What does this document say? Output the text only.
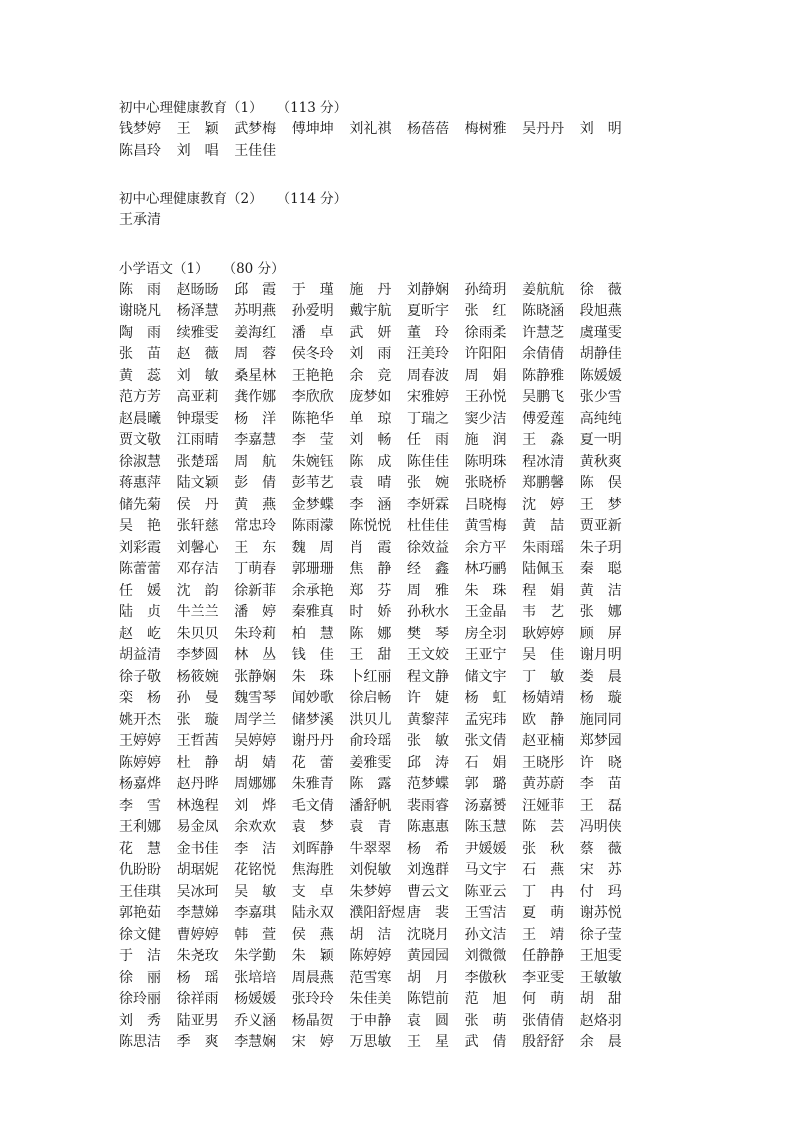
初中心理健康教育（1） （113 分）
钱梦婷	王　颖	武梦梅	傅坤坤	刘礼祺	杨蓓蓓	梅树雅	吴丹丹	刘　明
陈昌玲	刘　唱	王佳佳
初中心理健康教育（2） （114 分）
王承清
小学语文（1） （80 分）
陈　雨	赵旸旸	邱　霞	于　瑾	施　丹	刘静娴	孙绮玥	姜航航	徐　薇
谢晓凡	杨泽慧	苏明燕	孙爱明	戴宇航	夏昕宇	张　红	陈晓涵	段旭燕
陶　雨	续雅雯	姜海红	潘　卓	武　妍	董　玲	徐雨柔	许慧芝	虞瑾雯
张　苗	赵　薇	周　蓉	侯冬玲	刘　雨	汪美玲	许阳阳	余倩倩	胡静佳
黄　蕊	刘　敏	桑星林	王艳艳	余　竞	周春波	周　娟	陈静雅	陈媛媛
范方芳	高亚莉	龚作娜	李欣欣	庞梦如	宋雅婷	王孙悦	吴鹏飞	张少雪
赵晨曦	钟璟雯	杨　洋	陈艳华	单　琼	丁瑞之	窦少洁	傅爱莲	高纯纯
贾文敬	江雨晴	李嘉慧	李　莹	刘　畅	任　雨	施　润	王　淼	夏一明
徐淑慧	张楚瑶	周　航	朱婉钰	陈　成	陈佳佳	陈明珠	程冰清	黄秋爽
蒋惠萍	陆文颖	彭　倩	彭苇艺	袁　晴	张　婉	张晓桥	郑鹏馨	陈　俣
储先菊	侯　丹	黄　燕	金梦蝶	李　涵	李妍霖	吕晓梅	沈　婷	王　梦
吴　艳	张轩慈	常忠玲	陈雨濛	陈悦悦	杜佳佳	黄雪梅	黄　喆	贾亚新
刘彩霞	刘馨心	王　东	魏　周	肖　霞	徐效益	余方平	朱雨瑶	朱子玥
陈蕾蕾	邓存洁	丁萌春	郭珊珊	焦　静	经　鑫	林巧鹂	陆佩玉	秦　聪
任　媛	沈　韵	徐新菲	余承艳	郑　芬	周　雅	朱　珠	程　娟	黄　洁
陆　贞	牛兰兰	潘　婷	秦雅真	时　娇	孙秋水	王金晶	韦　艺	张　娜
赵　屹	朱贝贝	朱玲莉	柏　慧	陈　娜	樊　琴	房全羽	耿婷婷	顾　屏
胡益清	李梦圆	林　丛	钱　佳	王　甜	王文姣	王亚宁	吴　佳	谢月明
徐子敬	杨筱婉	张静娴	朱　珠	卜红丽	程文静	储文宇	丁　敏	娄　晨
栾　杨	孙　曼	魏雪琴	闻妙歌	徐启畅	许　婕	杨　虹	杨婧靖	杨　璇
姚开杰	张　璇	周学兰	储梦溪	洪贝儿	黄黎萍	孟宪玮	欧　静	施同同
王婷婷	王哲茜	吴婷婷	谢丹丹	俞玲瑶	张　敏	张文倩	赵亚楠	郑梦园
陈婷婷	杜　静	胡　婧	花　蕾	姜雅雯	邱　涛	石　娟	王晓彤	许　晓
杨嘉烨	赵丹晔	周娜娜	朱雅青	陈　露	范梦蝶	郭　璐	黄苏蔚	李　苗
李　雪	林逸程	刘　烨	毛文倩	潘舒帆	裴雨睿	汤嘉赟	汪娅菲	王　磊
王利娜	易金凤	余欢欢	袁　梦	袁　青	陈惠惠	陈玉慧	陈　芸	冯明侠
花　慧	金书佳	李　洁	刘晖静	牛翠翠	杨　希	尹媛媛	张　秋	蔡　薇
仇盼盼	胡琚妮	花铭悦	焦海胜	刘倪敏	刘逸群	马文宇	石　燕	宋　苏
王佳琪	吴冰珂	吴　敏	支　卓	朱梦婷	曹云文	陈亚云	丁　冉	付　玛
郭艳茹	李慧娣	李嘉琪	陆永双	濮阳舒煜 唐　裴	王雪洁	夏　萌	谢苏悦
徐文健	曹婷婷	韩　萱	侯　燕	胡　洁	沈晓月	孙文洁	王　靖	徐子莹
于　洁	朱尧玫	朱学勤	朱　颖	陈婷婷	黄园园	刘微微	任静静	王旭雯
徐　丽	杨　瑶	张培培	周晨燕	范雪寒	胡　月	李傲秋	李亚雯	王敏敏
徐玲丽	徐祥雨	杨媛媛	张玲玲	朱佳美	陈铠前	范　旭	何　萌	胡　甜
刘　秀	陆亚男	乔义涵	杨晶贺	于申静	袁　圆	张　萌	张倩倩	赵烙羽
陈思洁	季　爽	李慧娴	宋　婷	万思敏	王　星	武　倩	殷舒舒	余　晨
